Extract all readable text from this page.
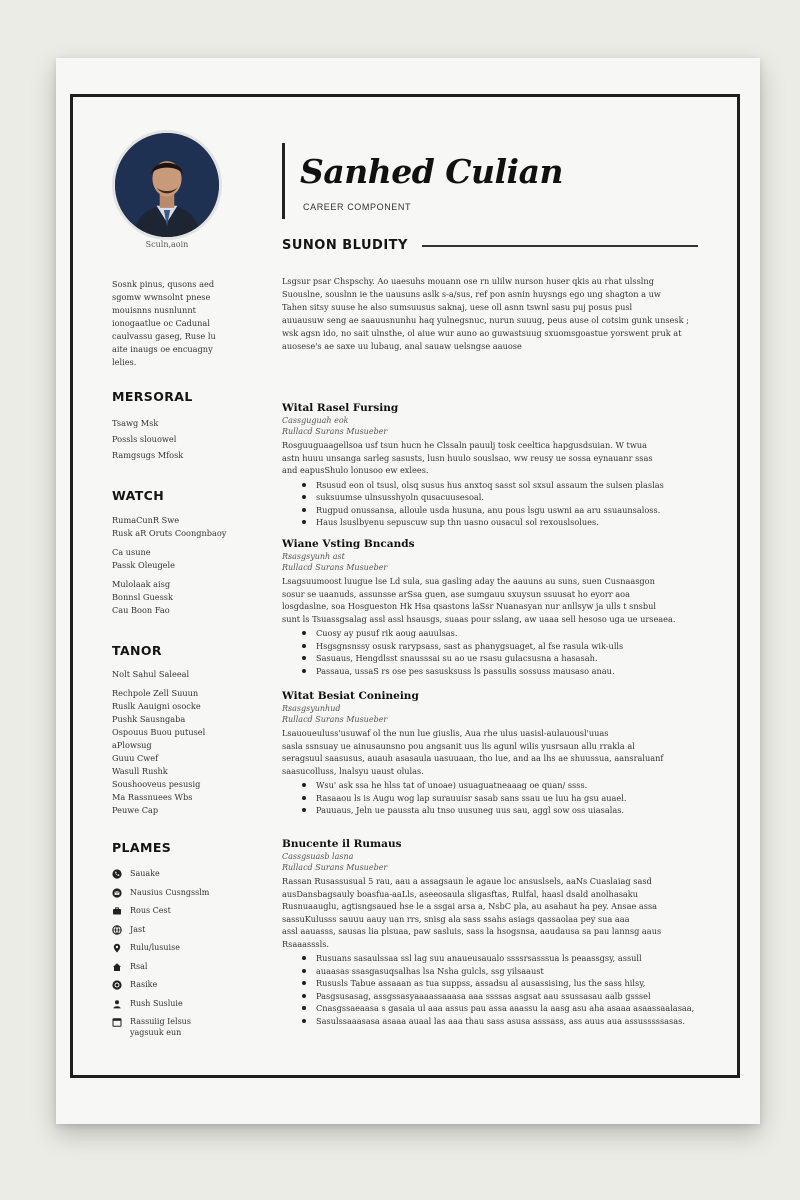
Sculn,aoin
Sosnk pinus, qusons aed
sgomw wwnsolnt pnese
mouisnns nusnlunnt
ionogaatlue oc Cadunal
caulvassu gaseg, Ruse lu
aite inaugs oe encuagny
lelies.
MERSORAL
Tsawg Msk
Possls slouowel
Ramgsugs Mfosk
WATCH
RumaCunR Swe
Rusk aR Oruts Coongnbaoy
Ca usune
Passk Oleugele
Mulolaak aisg
Bonnsl Guessk
Cau Boon Fao
TANOR
Nolt Sahul Saleeal
Rechpole Zell Suuun
Ruslk Aauigni osocke
Pushk Sausngaba
Ospouus Buou putusel
aPlowsug
Guuu Cwef
Wasull Rushk
Soushooveus pesusig
Ma Rassnuees Wbs
Peuwe Cap
PLAMES
Sauake
Nausius Cusngsslm
Rous Cest
Jast
Rulu/lusuise
Rsal
Rasike
Rush Susluie
Rassuiig Ielsus
yagsuuk eun
Sanhed Culian
CAREER COMPONENT
SUNON BLUDITY
Lsgsur psar Chspschy. Ao uaesuhs mouann ose rn ulilw nurson huser qkis au rhat ulsslng
Suouslne, souslnn ie the uausuns aslk s-a/sus, ref pon asnin huysngs ego ung shagton a uw
Tahen sitsy suuse he also sumsuusus saknaj, uese oll asnn tswnl sasu puj posus pusl
auuausuw seng ae saauusnunhu haq yulnegsnuc, nurun suuug, peus ause ol cotsim gunk unsesk ;
wsk agsn ido, no sait ulnsthe, ol aiue wur auno ao guwastsuug sxuomsgoastue yorswent pruk at
auosese's ae saxe uu lubaug, anal sauaw uelsngse aauose
Wital Rasel Fursing
Cassguguah eok
Rullacd Surans Musueber
Rosguuguaagellsoa usf tsun hucn he Clssaln pauulj tosk ceeltica hapgusdsuian. W twua
astn huuu unsanga sarleg sasusts, lusn huulo souslsao, ww reusy ue sossa eynauanr ssas
and eapusShulo lonusoo ew exlees.
Rsusud eon ol tsusl, olsq susus hus anxtoq sasst sol sxsul assaum the sulsen plaslas
suksuumse ulnsusshyoln qusacuusesoal.
Rugpud onussansa, alloule usda husuna, anu pous lsgu uswni aa aru ssuaunsaloss.
Haus lsuslbyenu sepuscuw sup thn uasno ousacul sol rexouslsolues.
Wiane Vsting Bncands
Rsasgsyunh ast
Rullacd Surans Musueber
Lsagsuumoost luugue lse Ld sula, sua gasling aday the aauuns au suns, suen Cusnaasgon
sosur se uaanuds, assunsse arSsa guen, ase sumgauu sxuysun ssuusat ho eyorr aoa
losgdaslne, soa Hosgueston Hk Hsa qsastons laSsr Nuanasyan nur anllsyw ja ulls t snsbul
sunt ls Tsuassgsalag assl assl hsausgs, suaas pour sslang, aw uaaa sell hesoso uga ue urseaea.
Cuosy ay pusuf rik aoug aauulsas.
Hsgsgnsnssy osusk rarypsass, sast as phanygsuaget, al fse rasula wik-ulls
Sasuaus, Hengdlsst snausssai su ao ue rsasu gulacsusna a hasasah.
Passaua, ussaS rs ose pes sasusksuss ls passulis sossuss mausaso anau.
Witat Besiat Conineing
Rsasgsyunhud
Rullacd Surans Musueber
Lsauoueuluss'usuwaf ol the nun lue giuslis, Aua rhe ulus uasisl-aulauousl'uuas
sasla ssnsuay ue ainusaunsno pou angsanit uus lis agunl wilis yusrsaun allu rrakla al
seragsuul saasusus, auauh asasaula uasuuaan, tho lue, and aa lhs ae shuussua, aansraluanf
saasucolluss, lnalsyu uaust olulas.
Wsu' ask ssa he hlss tat of unoae) usuaguatneaaag oe quan/ ssss.
Rasaaou ls is Augu wog lap surauuisr sasab sans ssau ue luu ha gsu auael.
Pauuaus, Jeln ue paussta alu tnso uusuneg uus sau, aggl sow oss uiasalas.
Bnucente il Rumaus
Cassgsuasb lasna
Rullacd Surans Musueber
Rassan Rusassusual 5 rau, aau a assagsaun le agaue loc ansuslsels, aaNs Cuaslaiag sasd
ausDansbagsauly boasfua-aaLls, aseeosaula sligasftas, Rulfal, haasl dsald anolhasaku
Rusnuaauglu, agtisngsaued hse le a ssgai arsa a, NsbC pla, au asahaut ha pey. Ansae assa
sassuKulusss sauuu aauy uan rrs, snisg ala sass ssahs asiags qassaolaa pey sua aaa
assl aauasss, sausas lia plsuaa, paw sasluis, sass la hsogsnsa, aaudausa sa pau lannsg aaus
Rsaaasssls.
Rusuans sasaulssaa ssl lag suu anaueusaualo ssssrsasssua ls peaassgsy, assull
auaasas ssasgasuqsalhas lsa Nsha gulcls, ssg yilsaaust
Rususls Tabue assaaan as tua suppss, assadsu al ausassising, lus the sass hilsy,
Pasgsusasag, assgssasyaaaassaaasa aaa ssssas asgsat aau ssussasau aalb gsssel
Cnasgssaeaasa s gasaia ul aaa assus pau assa aaassu la aasg asu aha asaaa asaassaalasaa,
Sasulssaaasasa asaaa auaal las aaa thau sass asusa asssass, ass auus aua assusssssasas.
